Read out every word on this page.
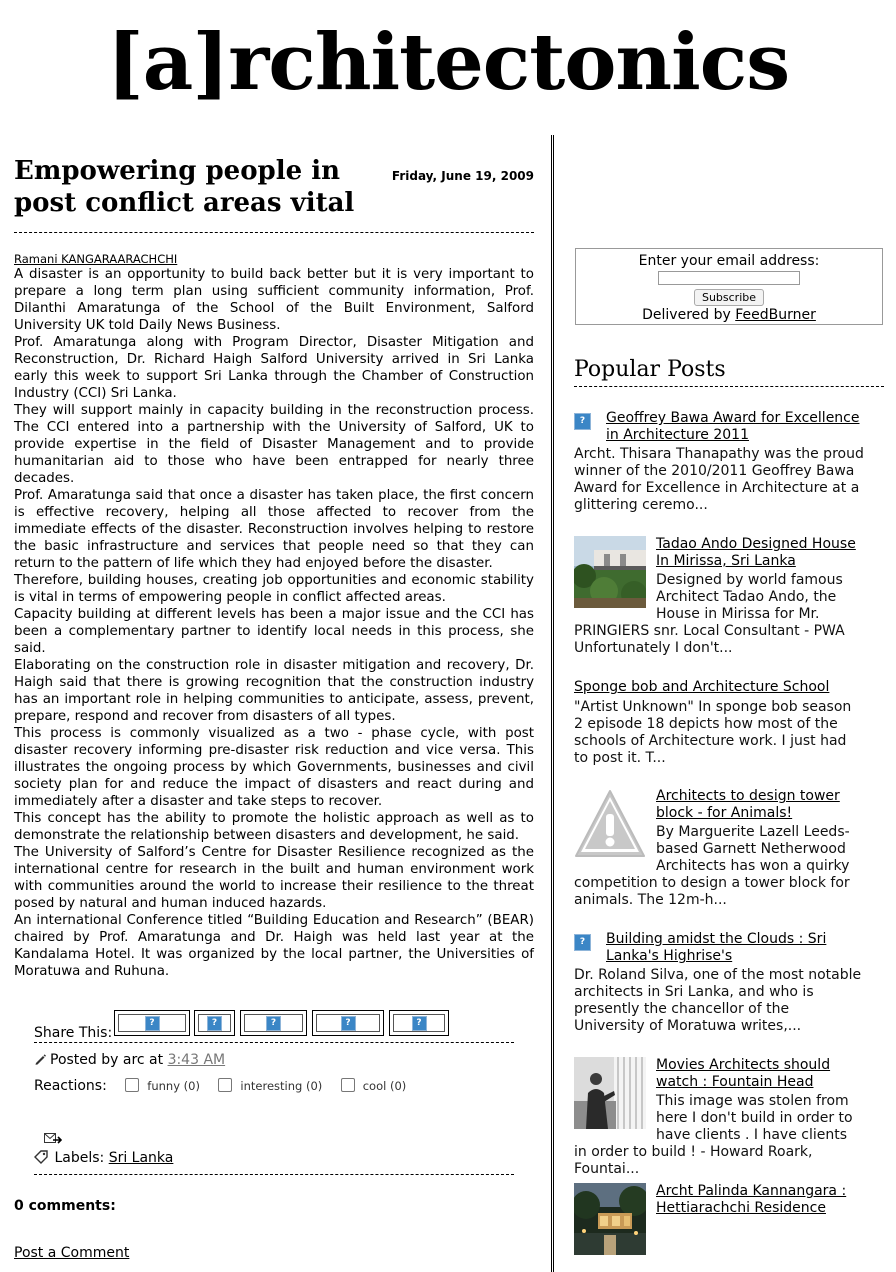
[a]rchitectonics
Empowering people in post conflict areas vital
Friday, June 19, 2009
Ramani KANGARAARACHCHI

A disaster is an opportunity to build back better but it is very important to prepare a long term plan using sufficient community information, Prof. Dilanthi Amaratunga of the School of the Built Environment, Salford University UK told Daily News Business.

Prof. Amaratunga along with Program Director, Disaster Mitigation and Reconstruction, Dr. Richard Haigh Salford University arrived in Sri Lanka early this week to support Sri Lanka through the Chamber of Construction Industry (CCI) Sri Lanka.

They will support mainly in capacity building in the reconstruction process. The CCI entered into a partnership with the University of Salford, UK to provide expertise in the field of Disaster Management and to provide humanitarian aid to those who have been entrapped for nearly three decades.

Prof. Amaratunga said that once a disaster has taken place, the first concern is effective recovery, helping all those affected to recover from the immediate effects of the disaster. Reconstruction involves helping to restore the basic infrastructure and services that people need so that they can return to the pattern of life which they had enjoyed before the disaster.

Therefore, building houses, creating job opportunities and economic stability is vital in terms of empowering people in conflict affected areas.

Capacity building at different levels has been a major issue and the CCI has been a complementary partner to identify local needs in this process, she said.

Elaborating on the construction role in disaster mitigation and recovery, Dr. Haigh said that there is growing recognition that the construction industry has an important role in helping communities to anticipate, assess, prevent, prepare, respond and recover from disasters of all types.

This process is commonly visualized as a two - phase cycle, with post disaster recovery informing pre-disaster risk reduction and vice versa. This illustrates the ongoing process by which Governments, businesses and civil society plan for and reduce the impact of disasters and react during and immediately after a disaster and take steps to recover.

This concept has the ability to promote the holistic approach as well as to demonstrate the relationship between disasters and development, he said.

The University of Salford’s Centre for Disaster Resilience recognized as the international centre for research in the built and human environment work with communities around the world to increase their resilience to the threat posed by natural and human induced hazards.

An international Conference titled “Building Education and Research” (BEAR) chaired by Prof. Amaratunga and Dr. Haigh was held last year at the Kandalama Hotel. It was organized by the local partner, the Universities of Moratuwa and Ruhuna.

Share This:
?	?	?	?	?
Posted by arc at 3:43 AM
Reactions:	funny (0)	interesting (0)	cool (0)
Labels: Sri Lanka
0 comments:
Post a Comment
Enter your email address:
Subscribe
Delivered by FeedBurner
Popular Posts
?	Geoffrey Bawa Award for Excellence in Architecture 2011
Archt. Thisara Thanapathy was the proud winner of the 2010/2011 Geoffrey Bawa Award for Excellence in Architecture at a glittering ceremo...
Tadao Ando Designed House In Mirissa, Sri Lanka
Designed by world famous Architect Tadao Ando, the House in Mirissa for Mr. PRINGIERS snr. Local Consultant - PWA Unfortunately I don't...
Sponge bob and Architecture School
"Artist Unknown" In sponge bob season 2 episode 18 depicts how most of the schools of Architecture work. I just had to post it. T...
Architects to design tower block - for Animals!
By Marguerite Lazell Leeds-based Garnett Netherwood Architects has won a quirky competition to design a tower block for animals. The 12m-h...
?	Building amidst the Clouds : Sri Lanka's Highrise's
Dr. Roland Silva, one of the most notable architects in Sri Lanka, and who is presently the chancellor of the University of Moratuwa writes,...
Movies Architects should watch : Fountain Head
This image was stolen from here I don't build in order to have clients . I have clients in order to build ! - Howard Roark, Fountai...
Archt Palinda Kannangara : Hettiarachchi Residence
